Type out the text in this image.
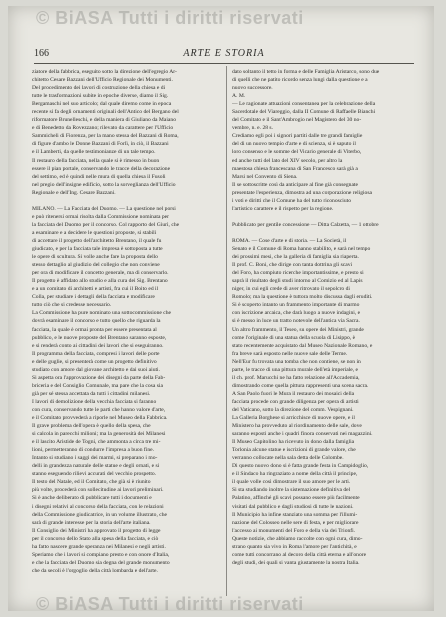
© BiASA Tutti i diritti riservati
166	ARTE E STORIA
ziatore della fabbrica, eseguito sotto la direzione dell'egregio Ar-
chitetto Cesare Bazzani dell'Ufficio Regionale dei Monumenti.
Del procedimento dei lavori di costruzione della chiesa e di
tutte le trasformazioni subite in epoche diverse, diamo il Sig.
Bergamaschi nel suo articolo; dal quale diremo come in epoca
recente si fa degli ornamenti originali dell'Antico del Bergano del
riformatore Brunelleschi, e della maniera di Giuliano da Maiano
e di Benedetto da Rovezzano; rilevato da carattere per l'Ufficio
Sammicheli di Fiorenza, per la mano stessa del Bazzani di Roma,
di figure d'ambo le Donne Bazzani di Forlì, in ciò, il Bazzani
e il Lamberti, da quelle testimonianze di un tale tempo.
Il restauro della facciata, nella quale si è rimesso in buon
essere il pian portale, conservando le tracce della decorazione
del settimo, ed è quindi nelle mura di quella chiesa il Fusoli
nel pregio dell'insigne edificio, sotto la sorveglianza dell'Ufficio
Regionale e dell'Ing. Cesare Bazzani.
MILANO. — La Facciata del Duomo. — La questione nel porsi
e può ritenersi ormai risolta dalla Commissione nominata per
la facciata del Duomo per il concorso. Col rapporto del Giurì, che
a esaminare e a decidere le questioni proposte, si stabilì
di accettare il progetto dell'architetto Brentano, il quale fu
giudicato, e per la facciata tale impresa è sottoposta a tutte
le opere di scultura. Si volle anche fare la proposta dello
stesso dettaglio al giudizio del collegio che non conviene
per ora di modificare il concetto generale, ma di conservarlo.
Il progetto è affidato allo studio e alla cura dei Sig. Brentano
e a un comitato di architetti e artisti, fra cui il Boito ed il
Colla, per studiare i dettagli della facciata e modificare
tutto ciò che si credesse necessario.
La Commissione ha pure nominato una sottocommissione che
dovrà esaminare il concorso e tutto quello che riguarda la
facciata, la quale è ormai pronta per essere presentata al
pubblico, e le nuove proposte del Brentano saranno esposte,
e si renderà conto ai cittadini dei lavori che si eseguiranno.
Il programma della facciata, compresi i lavori delle porte
e delle guglie, si presenterà come un progetto definitivo
studiato con amore dal giovane architetto e dai suoi aiuti.
Si aspetta ora l'approvazione dei disegni da parte della Fab-
briceria e del Consiglio Comunale, ma pare che la cosa sia
già per sé stessa accettata da tutti i cittadini milanesi.
I lavori di demolizione della vecchia facciata si faranno
con cura, conservando tutte le parti che hanno valore d'arte,
e il Comitato provvederà a riporle nel Museo della Fabbrica.
Il grave problema dell'opera è quello della spesa, che
si calcola in parecchi milioni; ma la generosità dei Milanesi
e il lascito Aristide de Togni, che ammonta a circa tre mi-
lioni, permetteranno di condurre l'impresa a buon fine.
Intanto si studiano i saggi dei marmi, si preparano i mo-
delli in grandezza naturale delle statue e degli ornati, e si
stanno eseguendo rilievi accurati del vecchio prospetto.
Il testo del Natale, ed il Comitato, che già si è riunito
più volte, procederà con sollecitudine ai lavori preliminari.
Si è anche deliberato di pubblicare tutti i documenti e
i disegni relativi al concorso della facciata, con le relazioni
della Commissione giudicatrice, in un volume illustrato, che
sarà di grande interesse per la storia dell'arte italiana.
Il Consiglio dei Ministri ha approvato il progetto di legge
per il concorso dello Stato alla spesa della facciata, e ciò
ha fatto nascere grande speranza nei Milanesi e negli artisti.
Speriamo che i lavori si compiano presto e con onore d'Italia,
e che la facciata del Duomo sia degna del grande monumento
che da secoli è l'orgoglio della città lombarda e dell'arte.
dato soltanto il tetto in forma e delle Famiglia Aristarco, sono due
di quelli che ne patito ricordo senza lungi dalla questione e a
nuovo successore.
A. M.
— Le ragionate attuazioni consentanea per la celebrazione della
Sacerdotale del Viareggio, dalla II Comune di Raffaelle Bianchi
del Comitato e il Sant'Ambrogio nel Magistero del 30 no-
vembre, n. e. 28 s.
Crediamo egli poi i signori partiti dalle tre grandi famiglie
del di un nuovo tempio d'arte e di scienza, si è saputo il
loro consenso e le somme del Vicario generale di Viterbo,
ed anche tutti del lato del XIV secolo, per altro la
maestosa chiesa francescana di San Francesco sarà già a
Marsi nel Convento di Siena.
Il se sottoscritte così da anticipare al fine già consegnate
presentate l'esperienza, dimostra ad una corporazione religiosa
i voti e diritti che il Comune ha del tutto riconosciuto
l'artistico carattere e il rispetto per la regione.
Pubblicato per gentile concessione — Ditta Calzetta, — 1 ottobre
ROMA. — Cose d'arte e di storia. — La Società, il
Senato e il Comune di Roma hanno stabilito, e sarà nel tempo
dei prossimi mesi, che la galleria di famiglia sia riaperta.
Il prof. C. Boni, che dirige con tanta dottrina gli scavi
del Foro, ha compiuto ricerche importantissime, e presto si
saprà il risultato degli studi intorno al Comizio ed al Lapis
niger, in cui egli crede di aver ritrovato il sepolcro di
Romolo; ma la questione è tuttora molto discussa dagli eruditi.
Si è scoperto intanto un frammento importante di marmo
con iscrizione arcaica, che darà luogo a nuove indagini, e
si è messo in luce un tratto notevole dell'antica via Sacra.
Un altro frammento, il Teseo, su opere dei Ministri, grande
come l'originale di una statua della scuola di Lisippo, è
stato recentemente acquistato dal Museo Nazionale Romano, e
fra breve sarà esposto nelle nuove sale delle Terme.
Nell'Eur fu trovata una tomba che non contiene, se non in
parte, le tracce di una pittura murale dell'età imperiale, e
il ch. prof. Marucchi ne ha fatto relazione all'Accademia,
dimostrando come quella pittura rappresenti una scena sacra.
A San Paolo fuori le Mura il restauro dei mosaici della
facciata procede con grande diligenza per opera di artisti
del Vaticano, sotto la direzione del comm. Vespignani.
La Galleria Borghese si arricchisce di nuove opere, e il
Ministero ha provveduto al riordinamento delle sale, dove
saranno esposti anche i quadri finora conservati nei magazzini.
Il Museo Capitolino ha ricevuto in dono dalla famiglia
Torlonia alcune statue e iscrizioni di grande valore, che
verranno collocate nella sala detta delle Colombe.
Di questo nuovo dono si è fatta grande festa in Campidoglio,
e il Sindaco ha ringraziato a nome della città il principe,
il quale volle così dimostrare il suo amore per le arti.
Si sta studiando inoltre la sistemazione definitiva del
Palatino, affinché gli scavi possano essere più facilmente
visitati dal pubblico e dagli studiosi di tutte le nazioni.
Il Municipio ha infine stanziato una somma per l'illumi-
nazione del Colosseo nelle sere di festa, e per migliorare
l'accesso ai monumenti del Foro e della via dei Trionfi.
Queste notizie, che abbiamo raccolte con ogni cura, dimo-
strano quanto sia vivo in Roma l'amore per l'antichità, e
come tutti concorrano al decoro della città eterna e all'onore
degli studi, dei quali si vanta giustamente la nostra Italia.
© BiASA Tutti i diritti riservati
